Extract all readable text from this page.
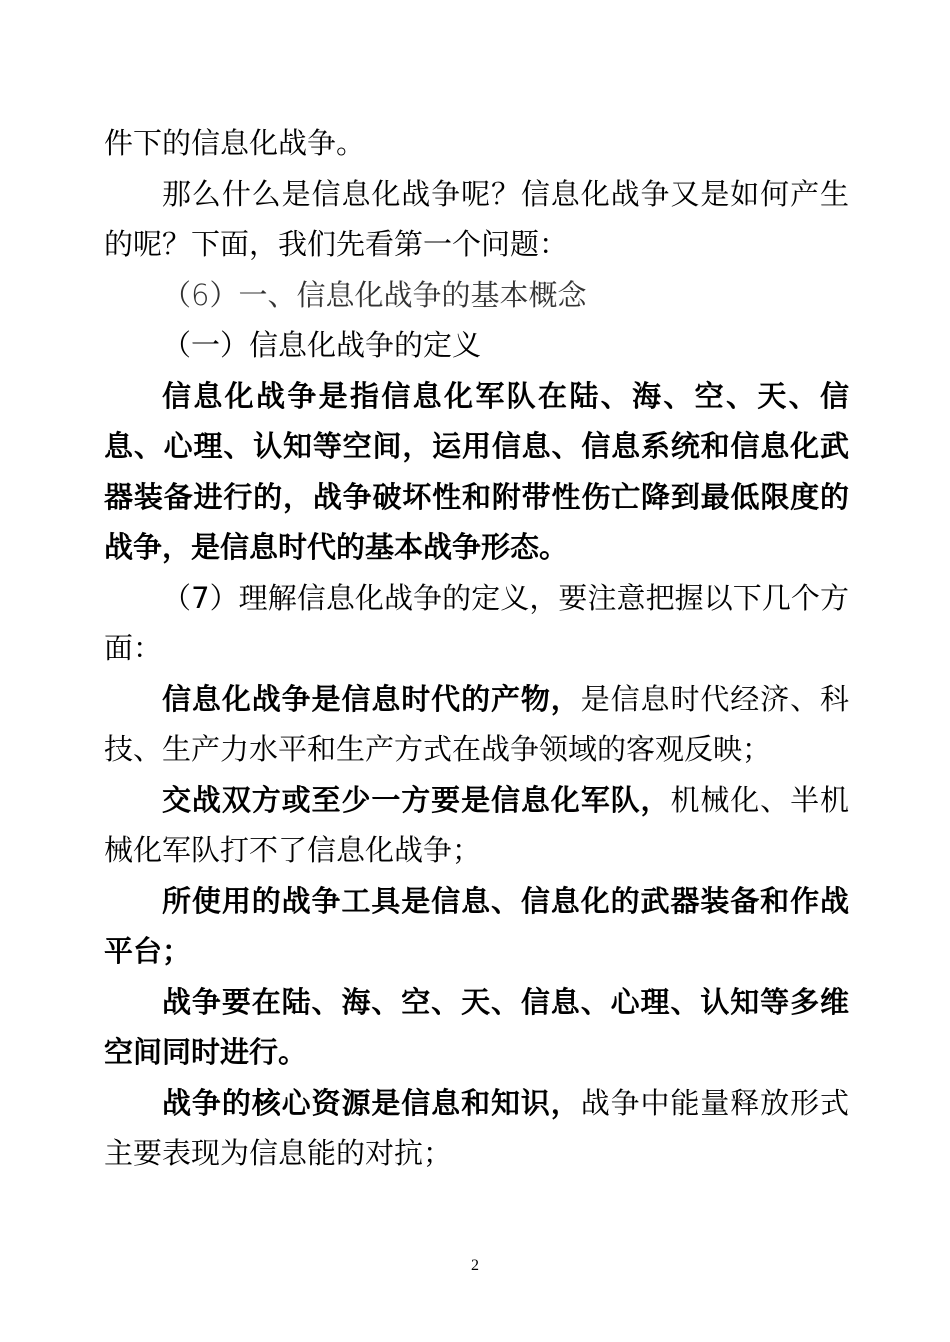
件下的信息化战争。

那么什么是信息化战争呢？信息化战争又是如何产生的呢？下面，我们先看第一个问题：

（6）一、信息化战争的基本概念

（一）信息化战争的定义

信息化战争是指信息化军队在陆、海、空、天、信息、心理、认知等空间，运用信息、信息系统和信息化武器装备进行的，战争破坏性和附带性伤亡降到最低限度的战争，是信息时代的基本战争形态。

（7）理解信息化战争的定义，要注意把握以下几个方面：

信息化战争是信息时代的产物，是信息时代经济、科技、生产力水平和生产方式在战争领域的客观反映；

交战双方或至少一方要是信息化军队，机械化、半机械化军队打不了信息化战争；

所使用的战争工具是信息、信息化的武器装备和作战平台；

战争要在陆、海、空、天、信息、心理、认知等多维空间同时进行。

战争的核心资源是信息和知识，战争中能量释放形式主要表现为信息能的对抗；

2
